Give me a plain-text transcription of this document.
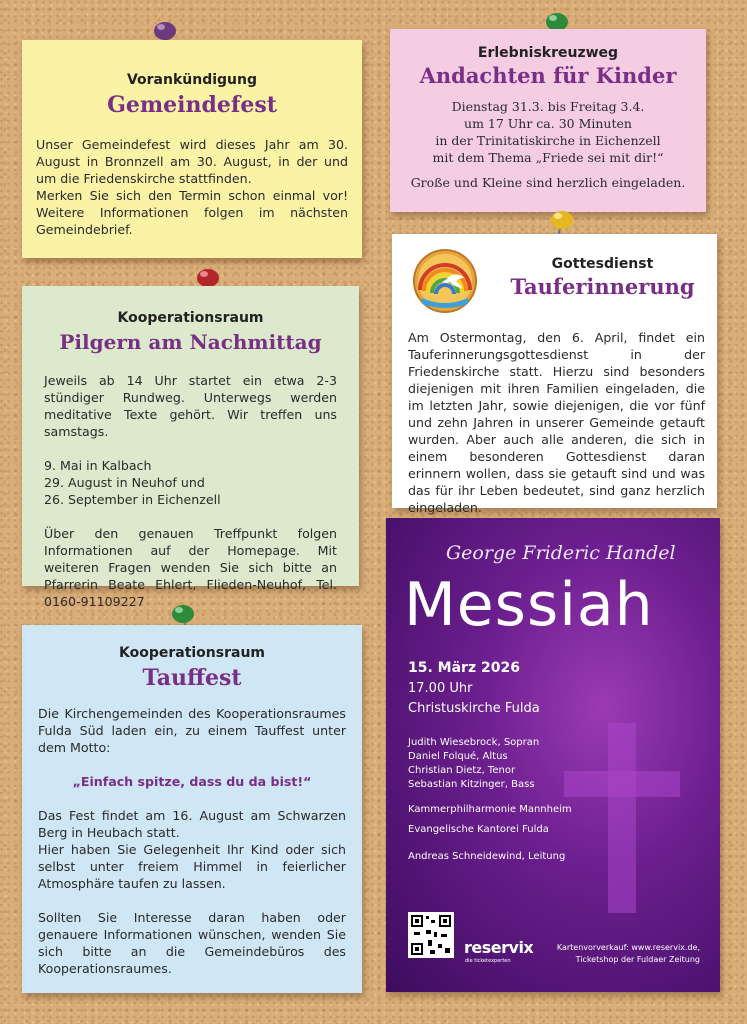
Vorankündigung
Gemeindefest

Unser Gemeindefest wird dieses Jahr am 30. August in Bronnzell am 30. August, in der und um die Friedenskirche stattfinden.

Merken Sie sich den Termin schon einmal vor! Weitere Informationen folgen im nächsten Gemeindebrief.

Erlebniskreuzweg
Andachten für Kinder
Dienstag 31.3. bis Freitag 3.4.
um 17 Uhr ca. 30 Minuten
in der Trinitatiskirche in Eichenzell
mit dem Thema „Friede sei mit dir!“
Große und Kleine sind herzlich eingeladen.
Kooperationsraum
Pilgern am Nachmittag

Jeweils ab 14 Uhr startet ein etwa 2-3 stündiger Rundweg. Unterwegs werden meditative Texte gehört. Wir treffen uns samstags.

9. Mai in Kalbach

29. August in Neuhof und

26. September in Eichenzell

Über den genauen Treffpunkt folgen Informationen auf der Homepage. Mit weiteren Fragen wenden Sie sich bitte an Pfarrerin Beate Ehlert, Flieden-Neuhof, Tel. 0160-91109227

Gottesdienst
Tauferinnerung
Am Ostermontag, den 6. April, findet ein Tauferinnerungsgottesdienst in der Friedenskirche statt. Hierzu sind besonders diejenigen mit ihren Familien eingeladen, die im letzten Jahr, sowie diejenigen, die vor fünf und zehn Jahren in unserer Gemeinde getauft wurden. Aber auch alle anderen, die sich in einem besonderen Gottesdienst daran erinnern wollen, dass sie getauft sind und was das für ihr Leben bedeutet, sind ganz herzlich eingeladen.
Kooperationsraum
Tauffest

Die Kirchengemeinden des Kooperationsraumes Fulda Süd laden ein, zu einem Tauffest unter dem Motto:

„Einfach spitze, dass du da bist!“

Das Fest findet am 16. August am Schwarzen Berg in Heubach statt.

Hier haben Sie Gelegenheit Ihr Kind oder sich selbst unter freiem Himmel in feierlicher Atmosphäre taufen zu lassen.

Sollten Sie Interesse daran haben oder genauere Informationen wünschen, wenden Sie sich bitte an die Gemeindebüros des Kooperationsraumes.

George Frideric Handel
Messiah
15. März 2026
17.00 Uhr
Christuskirche Fulda
Judith Wiesebrock, Sopran
Daniel Folqué, Altus
Christian Dietz, Tenor
Sebastian Kitzinger, Bass
Kammerphilharmonie Mannheim
Evangelische Kantorei Fulda
Andreas Schneidewind, Leitung
reservix
die ticketexperten
Kartenvorverkauf: www.reservix.de,
Ticketshop der Fuldaer Zeitung
